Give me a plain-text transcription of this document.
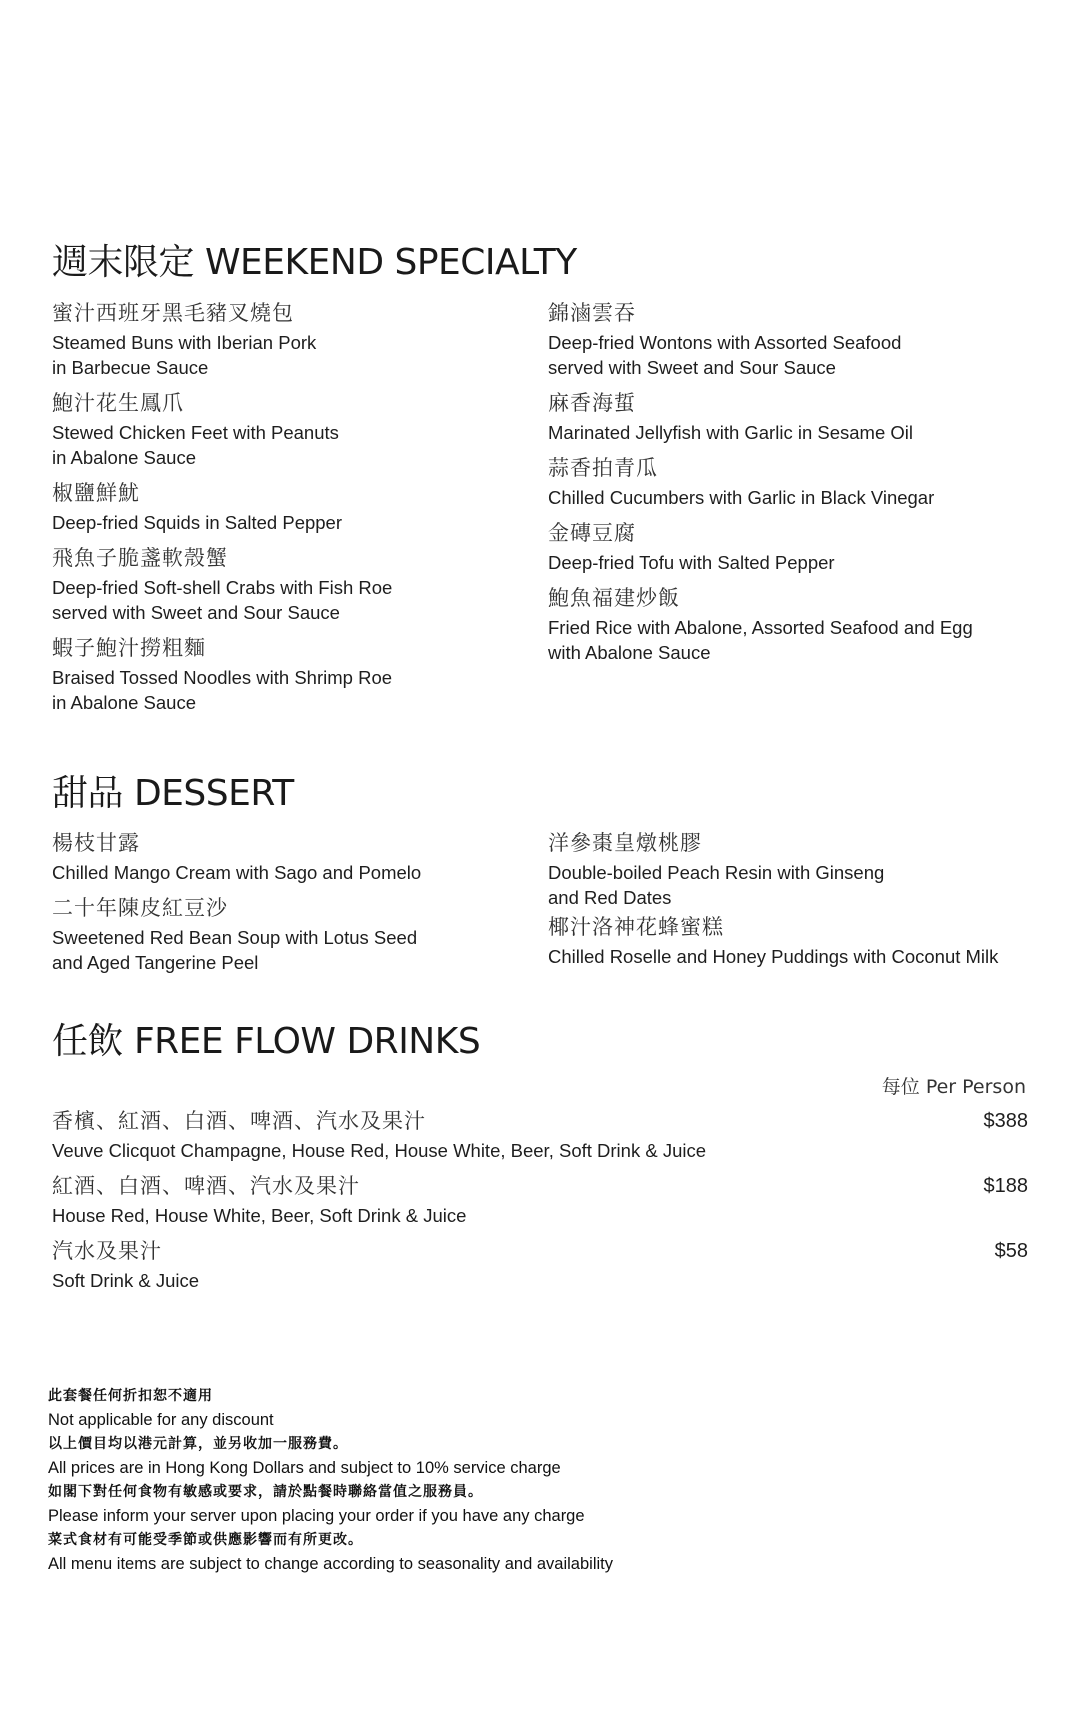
週末限定 WEEKEND SPECIALTY
蜜汁西班牙黑毛豬叉燒包
Steamed Buns with Iberian Pork
in Barbecue Sauce
鮑汁花生鳳爪
Stewed Chicken Feet with Peanuts
in Abalone Sauce
椒鹽鮮魷
Deep-fried Squids in Salted Pepper
飛魚子脆盞軟殼蟹
Deep-fried Soft-shell Crabs with Fish Roe
served with Sweet and Sour Sauce
蝦子鮑汁撈粗麵
Braised Tossed Noodles with Shrimp Roe
in Abalone Sauce
錦滷雲吞
Deep-fried Wontons with Assorted Seafood
served with Sweet and Sour Sauce
麻香海蜇
Marinated Jellyfish with Garlic in Sesame Oil
蒜香拍青瓜
Chilled Cucumbers with Garlic in Black Vinegar
金磚豆腐
Deep-fried Tofu with Salted Pepper
鮑魚福建炒飯
Fried Rice with Abalone, Assorted Seafood and Egg
with Abalone Sauce
甜品 DESSERT
楊枝甘露
Chilled Mango Cream with Sago and Pomelo
二十年陳皮紅豆沙
Sweetened Red Bean Soup with Lotus Seed
and Aged Tangerine Peel
洋參棗皇燉桃膠
Double-boiled Peach Resin with Ginseng
and Red Dates
椰汁洛神花蜂蜜糕
Chilled Roselle and Honey Puddings with Coconut Milk
任飲 FREE FLOW DRINKS
每位 Per Person
香檳、紅酒、白酒、啤酒、汽水及果汁
Veuve Clicquot Champagne, House Red, House White, Beer, Soft Drink & Juice
$388
紅酒、白酒、啤酒、汽水及果汁
House Red, House White, Beer, Soft Drink & Juice
$188
汽水及果汁
Soft Drink & Juice
$58
此套餐任何折扣恕不適用
Not applicable for any discount
以上價目均以港元計算，並另收加一服務費。
All prices are in Hong Kong Dollars and subject to 10% service charge
如閣下對任何食物有敏感或要求，請於點餐時聯絡當值之服務員。
Please inform your server upon placing your order if you have any charge
菜式食材有可能受季節或供應影響而有所更改。
All menu items are subject to change according to seasonality and availability
